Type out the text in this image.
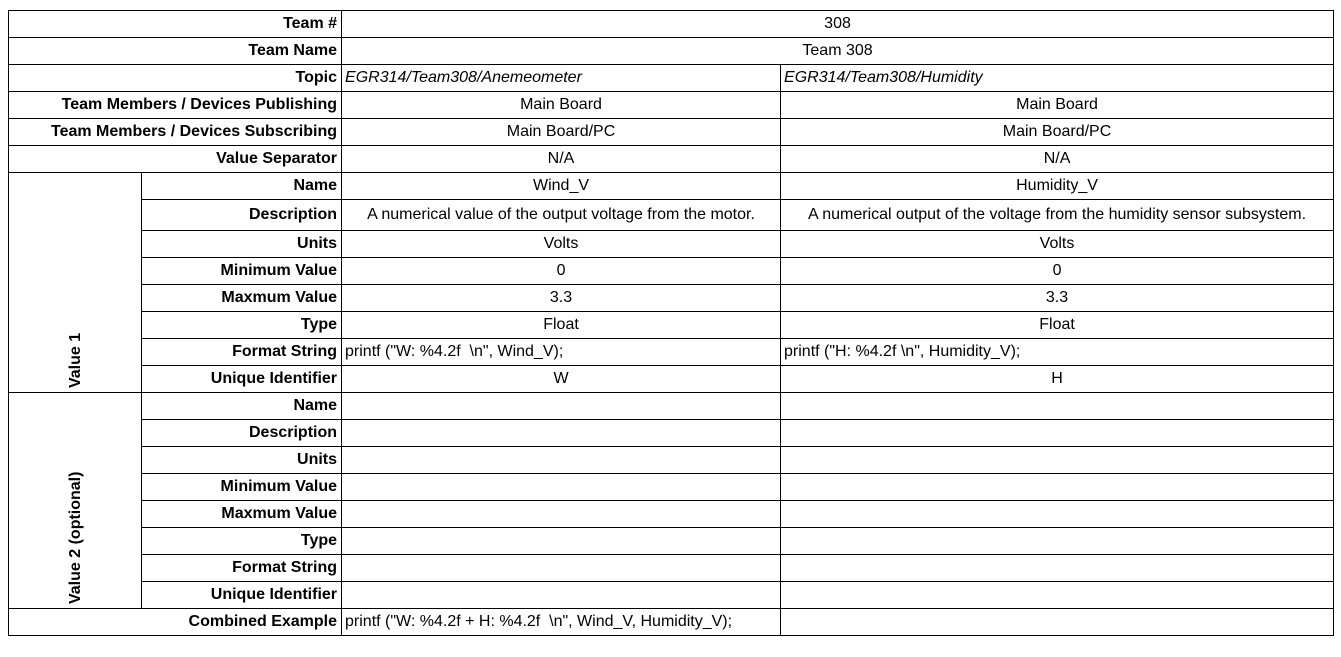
Team #		308	
Team Name		Team 308	
Topic		EGR314/Team308/Anemeometer	EGR314/Team308/Humidity
Team Members / Devices Publishing		Main Board	Main Board
Team Members / Devices Subscribing		Main Board/PC	Main Board/PC
Value Separator		N/A	N/A

Value 1	Name	Wind_V	Humidity_V
	Description	A numerical value of the output voltage from the motor.	A numerical output of the voltage from the humidity sensor subsystem.
	Units	Volts	Volts
	Minimum Value	0	0
	Maxmum Value	3.3	3.3
	Type	Float	Float
	Format String	printf ("W: %4.2f  \n", Wind_V);	printf ("H: %4.2f \n", Humidity_V);
	Unique Identifier	W	H

Value 2 (optional)	Name		
	Description		
	Units		
	Minimum Value		
	Maxmum Value		
	Type		
	Format String		
	Unique Identifier		
Combined Example		printf ("W: %4.2f + H: %4.2f  \n", Wind_V, Humidity_V);	
